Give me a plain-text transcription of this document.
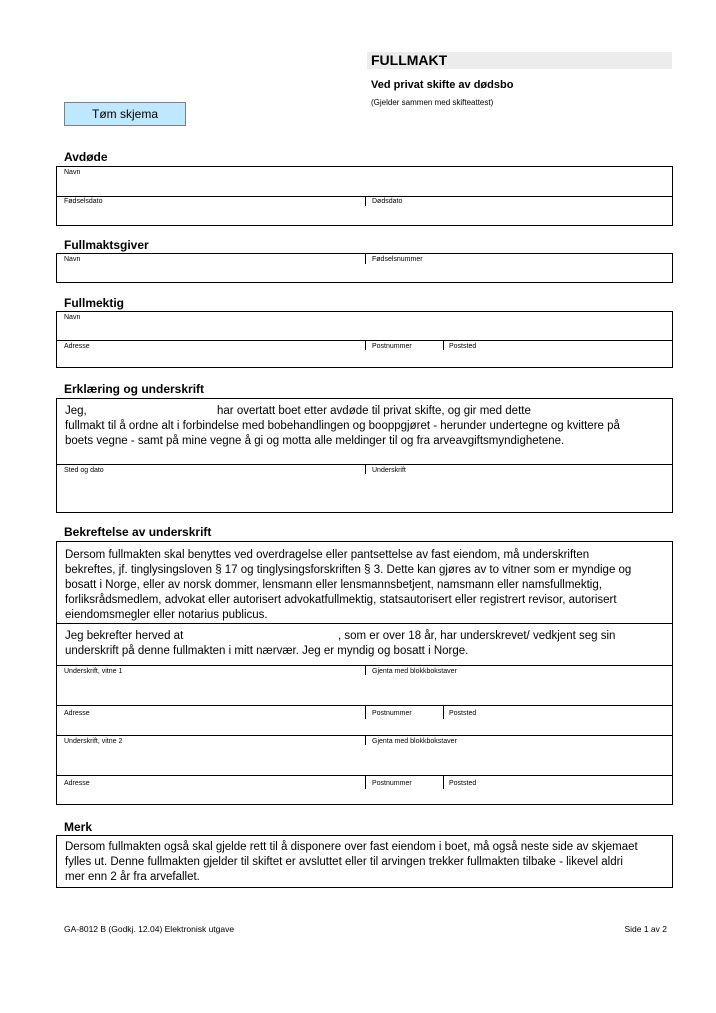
FULLMAKT
Ved privat skifte av dødsbo
(Gjelder sammen med skifteattest)
Tøm skjema
Avdøde
Navn
Fødselsdato	Dødsdato
Fullmaktsgiver
Navn	Fødselsnummer
Fullmektig
Navn
Adresse	Postnummer	Poststed
Erklæring og underskrift
Jeg,	har overtatt boet etter avdøde til privat skifte, og gir med dette
fullmakt til å ordne alt i forbindelse med bobehandlingen og booppgjøret - herunder undertegne og kvittere på
boets vegne - samt på mine vegne å gi og motta alle meldinger til og fra arveavgiftsmyndighetene.
Sted og dato	Underskrift
Bekreftelse av underskrift
Dersom fullmakten skal benyttes ved overdragelse eller pantsettelse av fast eiendom, må underskriften
bekreftes, jf. tinglysingsloven § 17 og tinglysingsforskriften § 3. Dette kan gjøres av to vitner som er myndige og
bosatt i Norge, eller av norsk dommer, lensmann eller lensmannsbetjent, namsmann eller namsfullmektig,
forliksrådsmedlem, advokat eller autorisert advokatfullmektig, statsautorisert eller registrert revisor, autorisert
eiendomsmegler eller notarius publicus.
Jeg bekrefter herved at	, som er over 18 år, har underskrevet/ vedkjent seg sin
underskrift på denne fullmakten i mitt nærvær. Jeg er myndig og bosatt i Norge.
Underskrift, vitne 1	Gjenta med blokkbokstaver
Adresse	Postnummer	Poststed
Underskrift, vitne 2	Gjenta med blokkbokstaver
Adresse	Postnummer	Poststed
Merk
Dersom fullmakten også skal gjelde rett til å disponere over fast eiendom i boet, må også neste side av skjemaet
fylles ut. Denne fullmakten gjelder til skiftet er avsluttet eller til arvingen trekker fullmakten tilbake - likevel aldri
mer enn 2 år fra arvefallet.
GA-8012 B (Godkj. 12.04) Elektronisk utgave	Side 1 av 2
